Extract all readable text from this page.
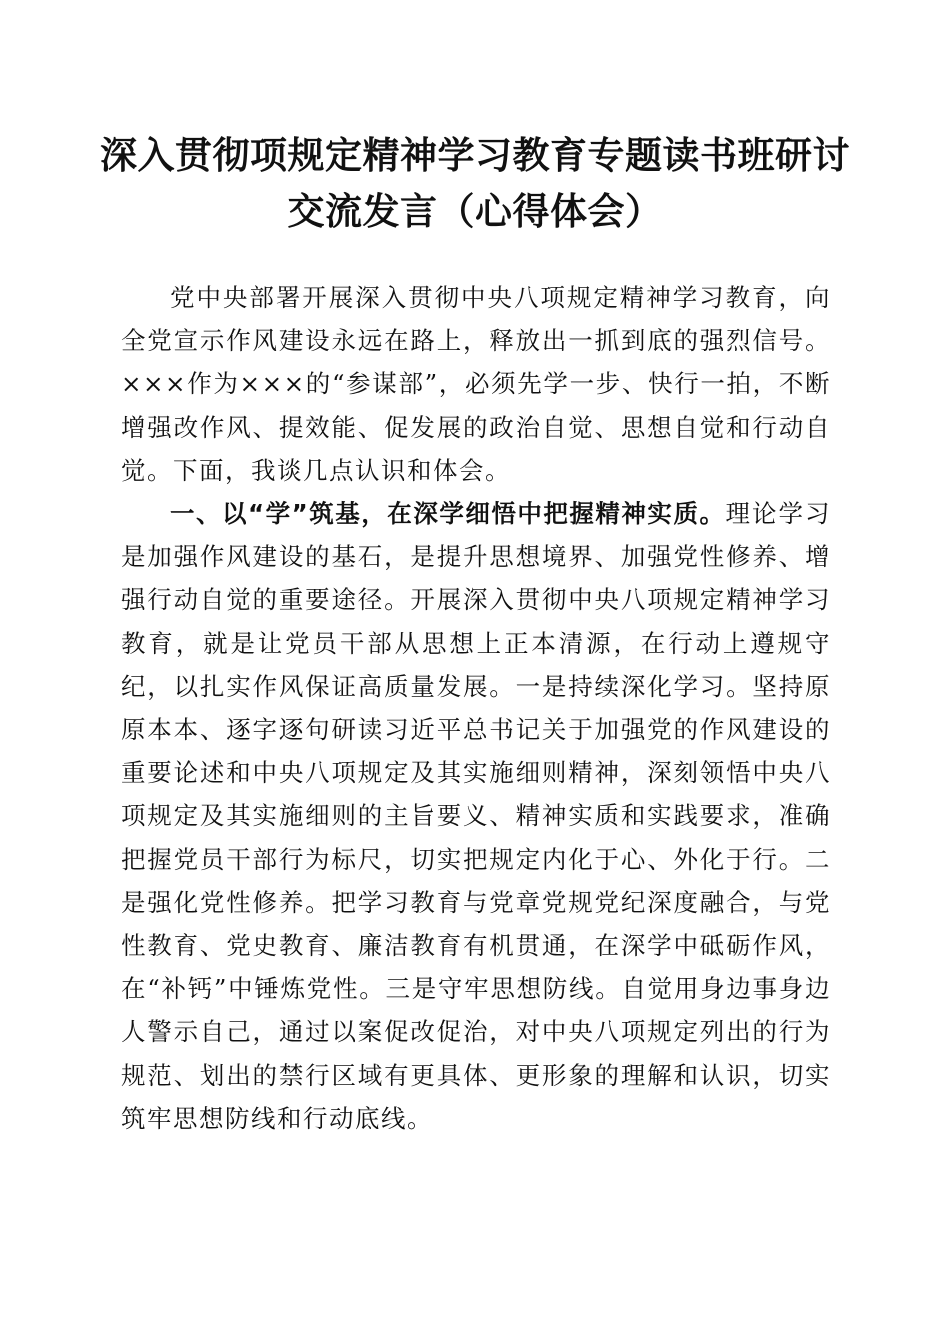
深入贯彻项规定精神学习教育专题读书班研讨
交流发言（心得体会）

党中央部署开展深入贯彻中央八项规定精神学习教育，向全党宣示作风建设永远在路上，释放出一抓到底的强烈信号。×××作为×××的“参谋部”，必须先学一步、快行一拍，不断增强改作风、提效能、促发展的政治自觉、思想自觉和行动自觉。下面，我谈几点认识和体会。

一、以“学”筑基，在深学细悟中把握精神实质。理论学习是加强作风建设的基石，是提升思想境界、加强党性修养、增强行动自觉的重要途径。开展深入贯彻中央八项规定精神学习教育，就是让党员干部从思想上正本清源，在行动上遵规守纪，以扎实作风保证高质量发展。一是持续深化学习。坚持原原本本、逐字逐句研读习近平总书记关于加强党的作风建设的重要论述和中央八项规定及其实施细则精神，深刻领悟中央八项规定及其实施细则的主旨要义、精神实质和实践要求，准确把握党员干部行为标尺，切实把规定内化于心、外化于行。二是强化党性修养。把学习教育与党章党规党纪深度融合，与党性教育、党史教育、廉洁教育有机贯通，在深学中砥砺作风，在“补钙”中锤炼党性。三是守牢思想防线。自觉用身边事身边人警示自己，通过以案促改促治，对中央八项规定列出的行为规范、划出的禁行区域有更具体、更形象的理解和认识，切实筑牢思想防线和行动底线。
